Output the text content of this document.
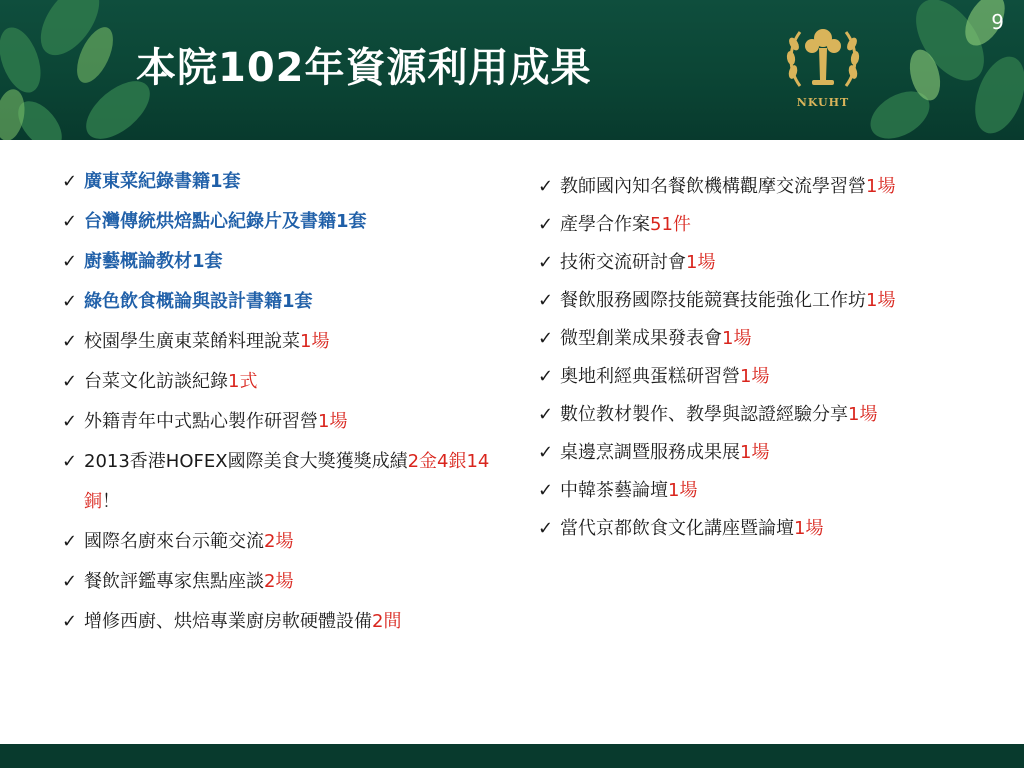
本院102年資源利用成果
9
NKUHT
✓ 廣東菜紀錄書籍1套
✓ 台灣傳統烘焙點心紀錄片及書籍1套
✓ 廚藝概論教材1套
✓ 綠色飲食概論與設計書籍1套
✓ 校園學生廣東菜餚料理說菜1場
✓ 台菜文化訪談紀錄1式
✓ 外籍青年中式點心製作研習營1場
✓ 2013香港HOFEX國際美食大獎獲獎成績2金4銀14銅！
✓ 國際名廚來台示範交流2場
✓ 餐飲評鑑專家焦點座談2場
✓ 增修西廚、烘焙專業廚房軟硬體設備2間
✓ 教師國內知名餐飲機構觀摩交流學習營1場
✓ 產學合作案51件
✓ 技術交流研討會1場
✓ 餐飲服務國際技能競賽技能強化工作坊1場
✓ 微型創業成果發表會1場
✓ 奧地利經典蛋糕研習營1場
✓ 數位教材製作、教學與認證經驗分享1場
✓ 桌邊烹調暨服務成果展1場
✓ 中韓茶藝論壇1場
✓ 當代京都飲食文化講座暨論壇1場
